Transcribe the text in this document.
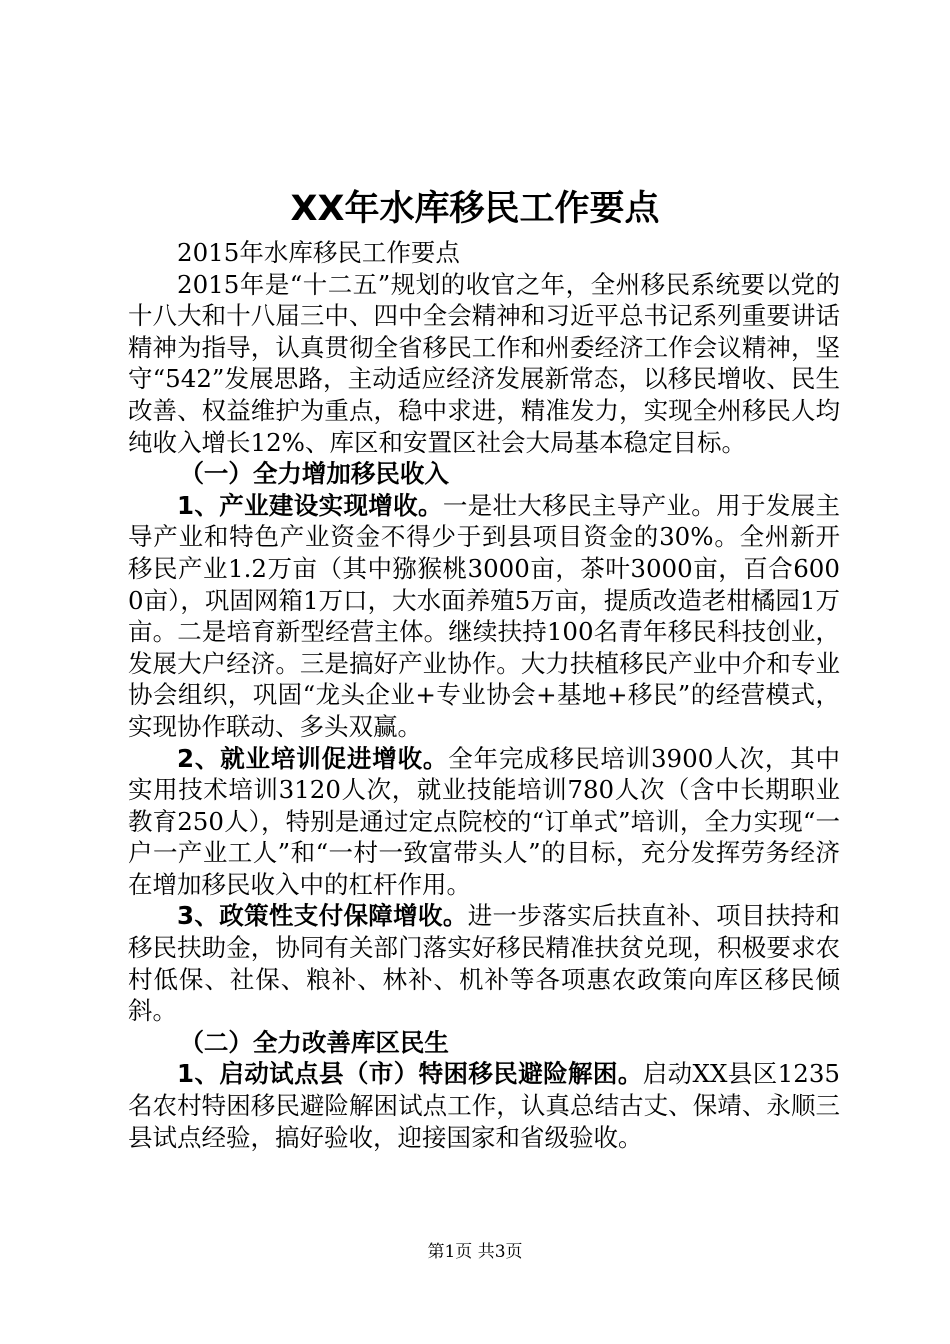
XX年水库移民工作要点

2015年水库移民工作要点

2015年是“十二五”规划的收官之年，全州移民系统要以党的十八大和十八届三中、四中全会精神和习近平总书记系列重要讲话精神为指导，认真贯彻全省移民工作和州委经济工作会议精神，坚守“542”发展思路，主动适应经济发展新常态，以移民增收、民生改善、权益维护为重点，稳中求进，精准发力，实现全州移民人均纯收入增长12%、库区和安置区社会大局基本稳定目标。

（一）全力增加移民收入

1、产业建设实现增收。一是壮大移民主导产业。用于发展主导产业和特色产业资金不得少于到县项目资金的30%。全州新开移民产业1.2万亩（其中猕猴桃3000亩，茶叶3000亩，百合6000亩），巩固网箱1万口，大水面养殖5万亩，提质改造老柑橘园1万亩。二是培育新型经营主体。继续扶持100名青年移民科技创业，发展大户经济。三是搞好产业协作。大力扶植移民产业中介和专业协会组织，巩固“龙头企业+专业协会+基地+移民”的经营模式，实现协作联动、多头双赢。

2、就业培训促进增收。全年完成移民培训3900人次，其中实用技术培训3120人次，就业技能培训780人次（含中长期职业教育250人），特别是通过定点院校的“订单式”培训，全力实现“一户一产业工人”和“一村一致富带头人”的目标，充分发挥劳务经济在增加移民收入中的杠杆作用。

3、政策性支付保障增收。进一步落实后扶直补、项目扶持和移民扶助金，协同有关部门落实好移民精准扶贫兑现，积极要求农村低保、社保、粮补、林补、机补等各项惠农政策向库区移民倾斜。

（二）全力改善库区民生

1、启动试点县（市）特困移民避险解困。启动XX县区1235名农村特困移民避险解困试点工作，认真总结古丈、保靖、永顺三县试点经验，搞好验收，迎接国家和省级验收。

第1页 共3页
